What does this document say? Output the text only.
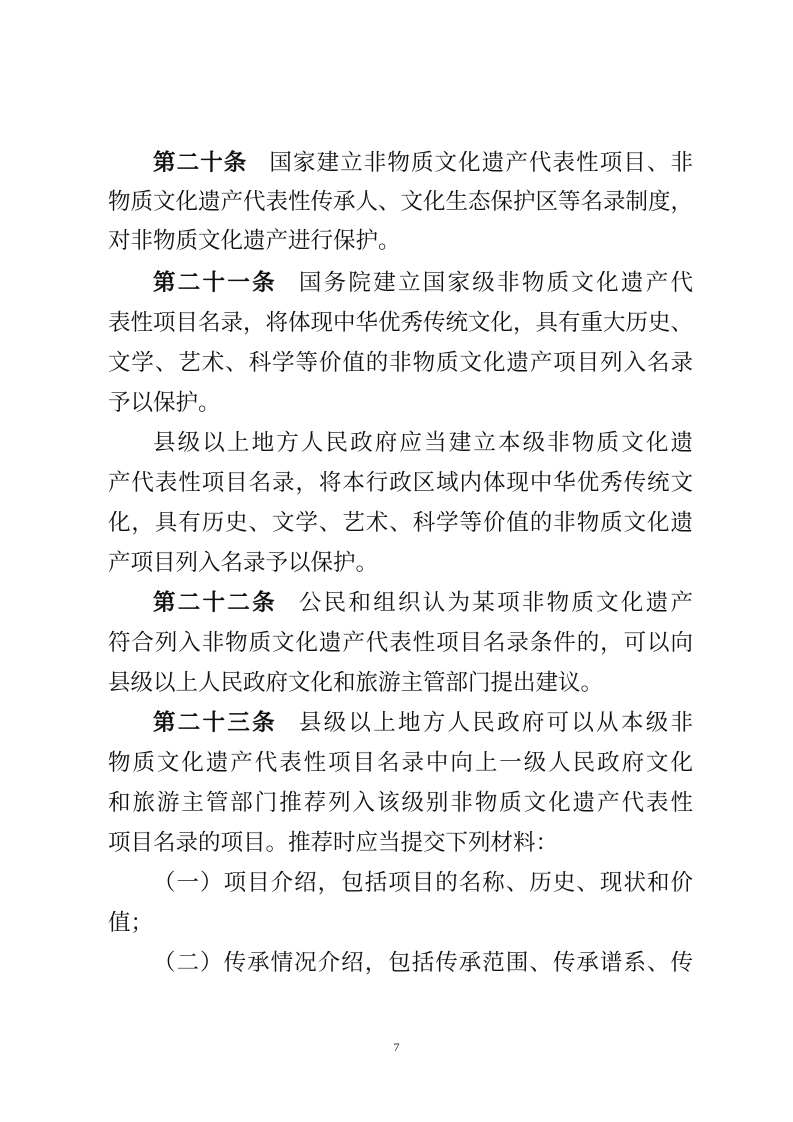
第二十条 国家建立非物质文化遗产代表性项目、非
物质文化遗产代表性传承人、文化生态保护区等名录制度，
对非物质文化遗产进行保护。
第二十一条 国务院建立国家级非物质文化遗产代
表性项目名录，将体现中华优秀传统文化，具有重大历史、
文学、艺术、科学等价值的非物质文化遗产项目列入名录
予以保护。
县级以上地方人民政府应当建立本级非物质文化遗
产代表性项目名录，将本行政区域内体现中华优秀传统文
化，具有历史、文学、艺术、科学等价值的非物质文化遗
产项目列入名录予以保护。
第二十二条 公民和组织认为某项非物质文化遗产
符合列入非物质文化遗产代表性项目名录条件的，可以向
县级以上人民政府文化和旅游主管部门提出建议。
第二十三条 县级以上地方人民政府可以从本级非
物质文化遗产代表性项目名录中向上一级人民政府文化
和旅游主管部门推荐列入该级别非物质文化遗产代表性
项目名录的项目。推荐时应当提交下列材料：
（一）项目介绍，包括项目的名称、历史、现状和价
值；
（二）传承情况介绍，包括传承范围、传承谱系、传
7
